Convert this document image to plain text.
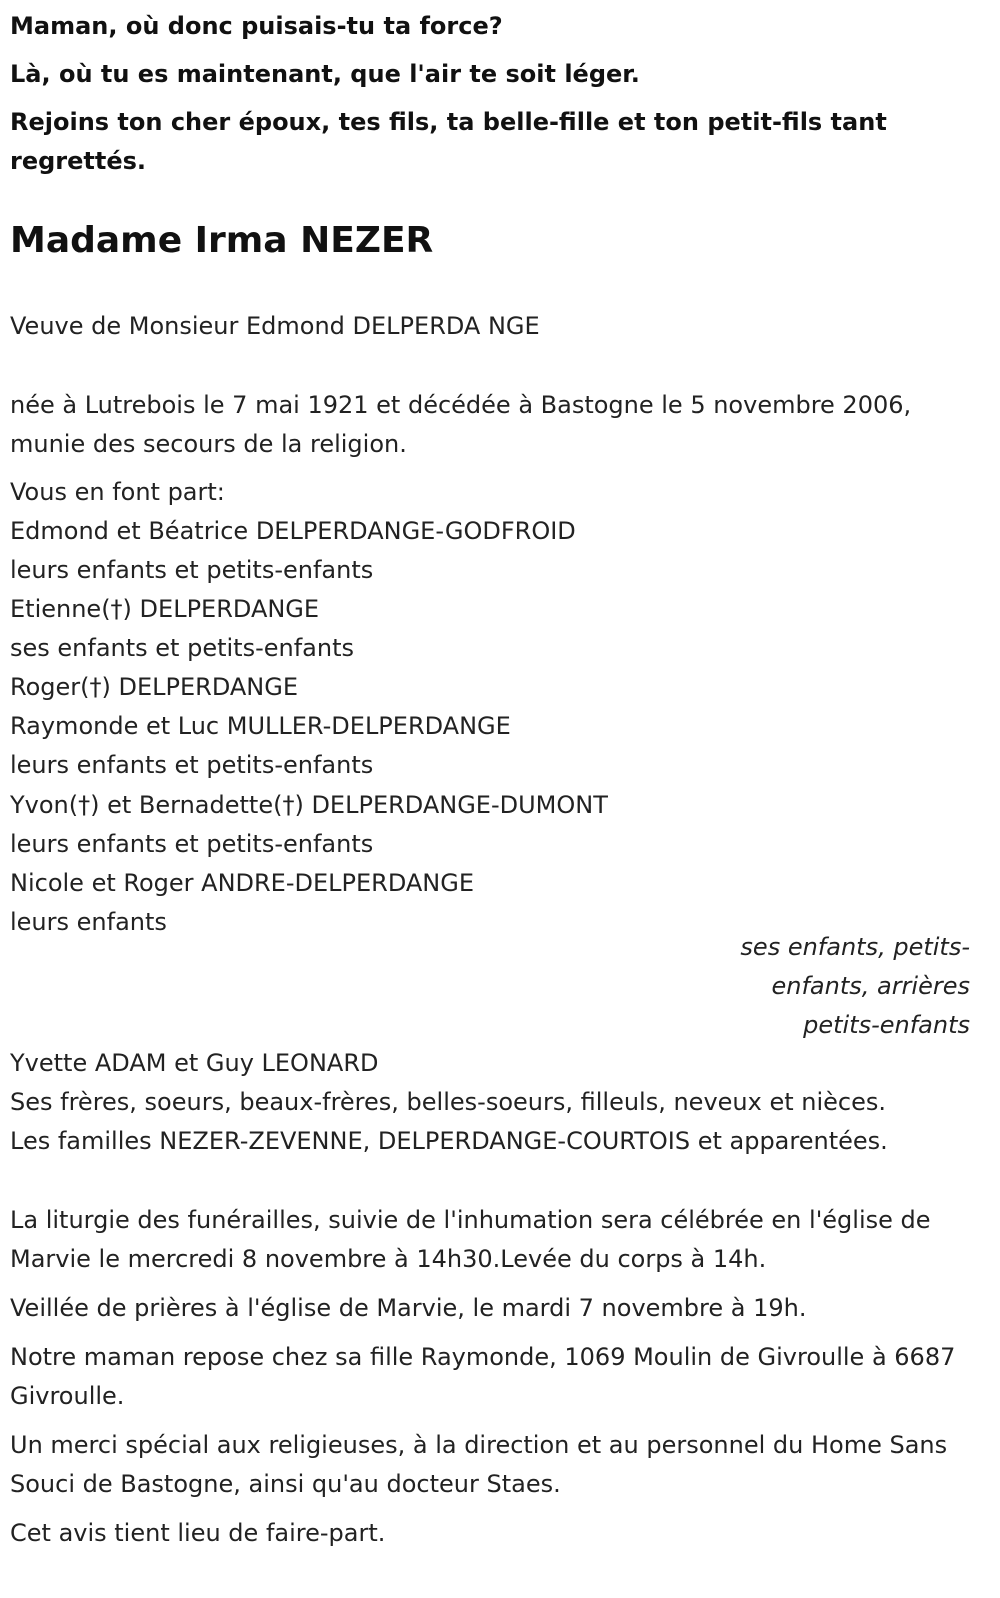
Maman, où donc puisais-tu ta force?
Là, où tu es maintenant, que l'air te soit léger.
Rejoins ton cher époux, tes fils, ta belle-fille et ton petit-fils tant regrettés.
Madame Irma NEZER
Veuve de Monsieur Edmond DELPERDA NGE
née à Lutrebois le 7 mai 1921 et décédée à Bastogne le 5 novembre 2006,
munie des secours de la religion.
Vous en font part:
Edmond et Béatrice DELPERDANGE-GODFROID
leurs enfants et petits-enfants
Etienne(†) DELPERDANGE
ses enfants et petits-enfants
Roger(†) DELPERDANGE
Raymonde et Luc MULLER-DELPERDANGE
leurs enfants et petits-enfants
Yvon(†) et Bernadette(†) DELPERDANGE-DUMONT
leurs enfants et petits-enfants
Nicole et Roger ANDRE-DELPERDANGE
leurs enfants
ses enfants, petits-enfants, arrières petits-enfants
Yvette ADAM et Guy LEONARD
Ses frères, soeurs, beaux-frères, belles-soeurs, filleuls, neveux et nièces.
Les familles NEZER-ZEVENNE, DELPERDANGE-COURTOIS et apparentées.
La liturgie des funérailles, suivie de l'inhumation sera célébrée en l'église de Marvie le mercredi 8 novembre à 14h30.Levée du corps à 14h.
Veillée de prières à l'église de Marvie, le mardi 7 novembre à 19h.
Notre maman repose chez sa fille Raymonde, 1069 Moulin de Givroulle à 6687 Givroulle.
Un merci spécial aux religieuses, à la direction et au personnel du Home Sans Souci de Bastogne, ainsi qu'au docteur Staes.
Cet avis tient lieu de faire-part.
